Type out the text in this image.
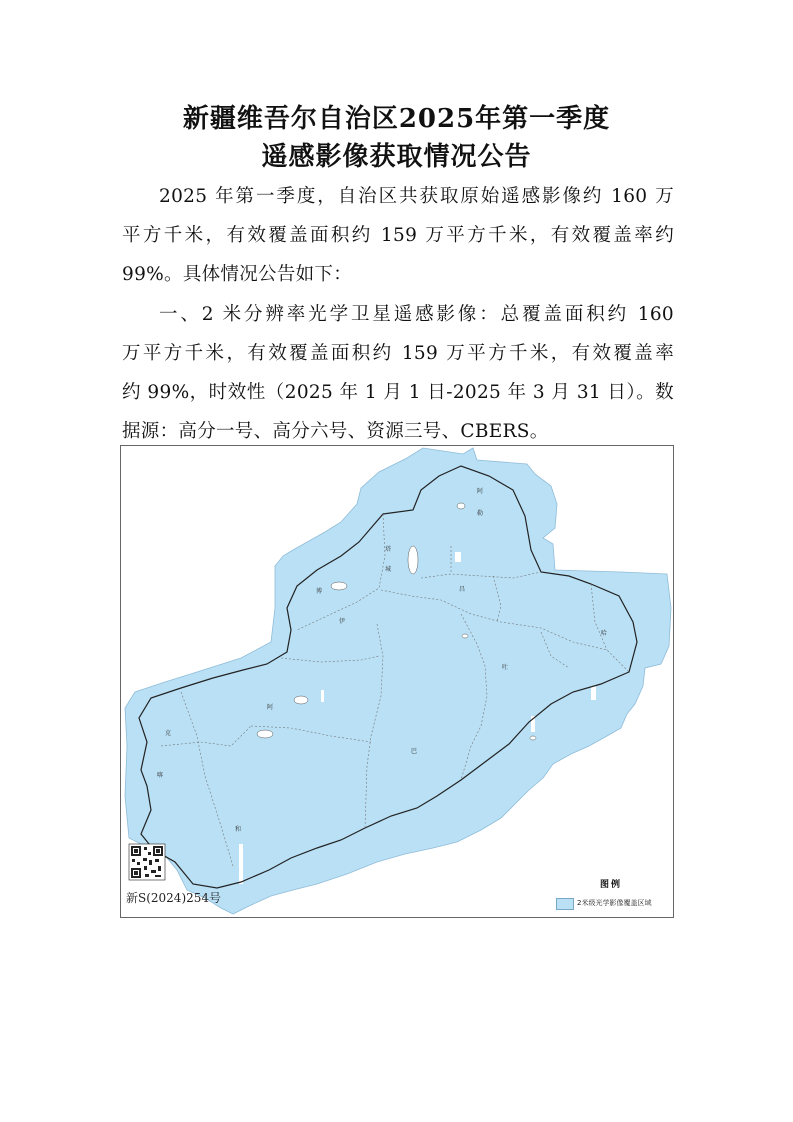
新疆维吾尔自治区2025年第一季度
遥感影像获取情况公告
2025 年第一季度，自治区共获取原始遥感影像约 160 万
平方千米，有效覆盖面积约 159 万平方千米，有效覆盖率约
99%。具体情况公告如下：
一、2 米分辨率光学卫星遥感影像：总覆盖面积约 160
万平方千米，有效覆盖面积约 159 万平方千米，有效覆盖率
约 99%，时效性（2025 年 1 月 1 日-2025 年 3 月 31 日）。数
据源：高分一号、高分六号、资源三号、CBERS。
阿
勒
塔
城
博
伊
昌
哈
吐
巴
阿
克
喀
和
新S(2024)254号
图例
2米级光学影像覆盖区域
